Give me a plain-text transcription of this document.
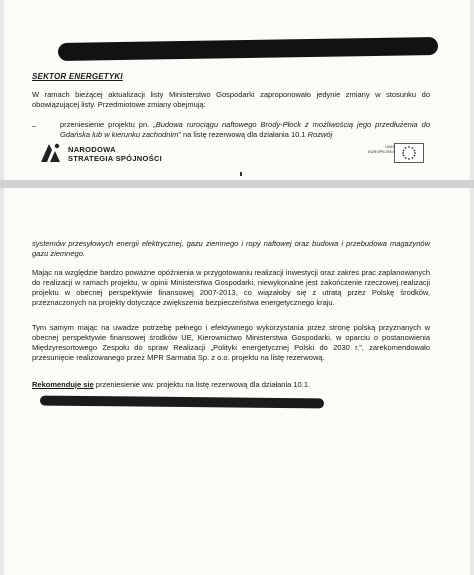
SEKTOR ENERGETYKI

W ramach bieżącej aktualizacji listy Ministerstwo Gospodarki zaproponowało jedynie zmiany w stosunku do obowiązującej listy. Przedmiotowe zmiany obejmują:

–	przeniesienie projektu pn. „Budowa rurociągu naftowego Brody-Płock z możliwością jego przedłużenia do Gdańska lub w kierunku zachodnim” na listę rezerwową dla działania 10.1 Rozwój

NARODOWA
STRATEGIA SPÓJNOŚCI
UNIA
EUROPEJSKA

systemów przesyłowych energii elektrycznej, gazu ziemnego i ropy naftowej oraz budowa i przebudowa magazynów gazu ziemnego.

Mając na względzie bardzo poważne opóźnienia w przygotowaniu realizacji inwestycji oraz zakres prac zaplanowanych do realizacji w ramach projektu, w opinii Ministerstwa Gospodarki, niewykonalne jest zakończenie rzeczowej realizacji projektu w obecnej perspektywie finansowej 2007-2013, co wiązałoby się z utratą przez Polskę środków, przeznaczonych na projekty dotyczące zwiększenia bezpieczeństwa energetycznego kraju.

Tym samym mając na uwadze potrzebę pełnego i efektywnego wykorzystania przez stronę polską przyznanych w obecnej perspektywie finansowej środków UE, Kierownictwo Ministerstwa Gospodarki, w oparciu o postanowienia Międzyresortowego Zespołu do spraw Realizacji „Polityki energetycznej Polski do 2030 r.”, zarekomendowało przesunięcie realizowanego przez MPR Sarmatia Sp. z o.o. projektu na listę rezerwową.

Rekomenduje się przeniesienie ww. projektu na listę rezerwową dla działania 10.1.
